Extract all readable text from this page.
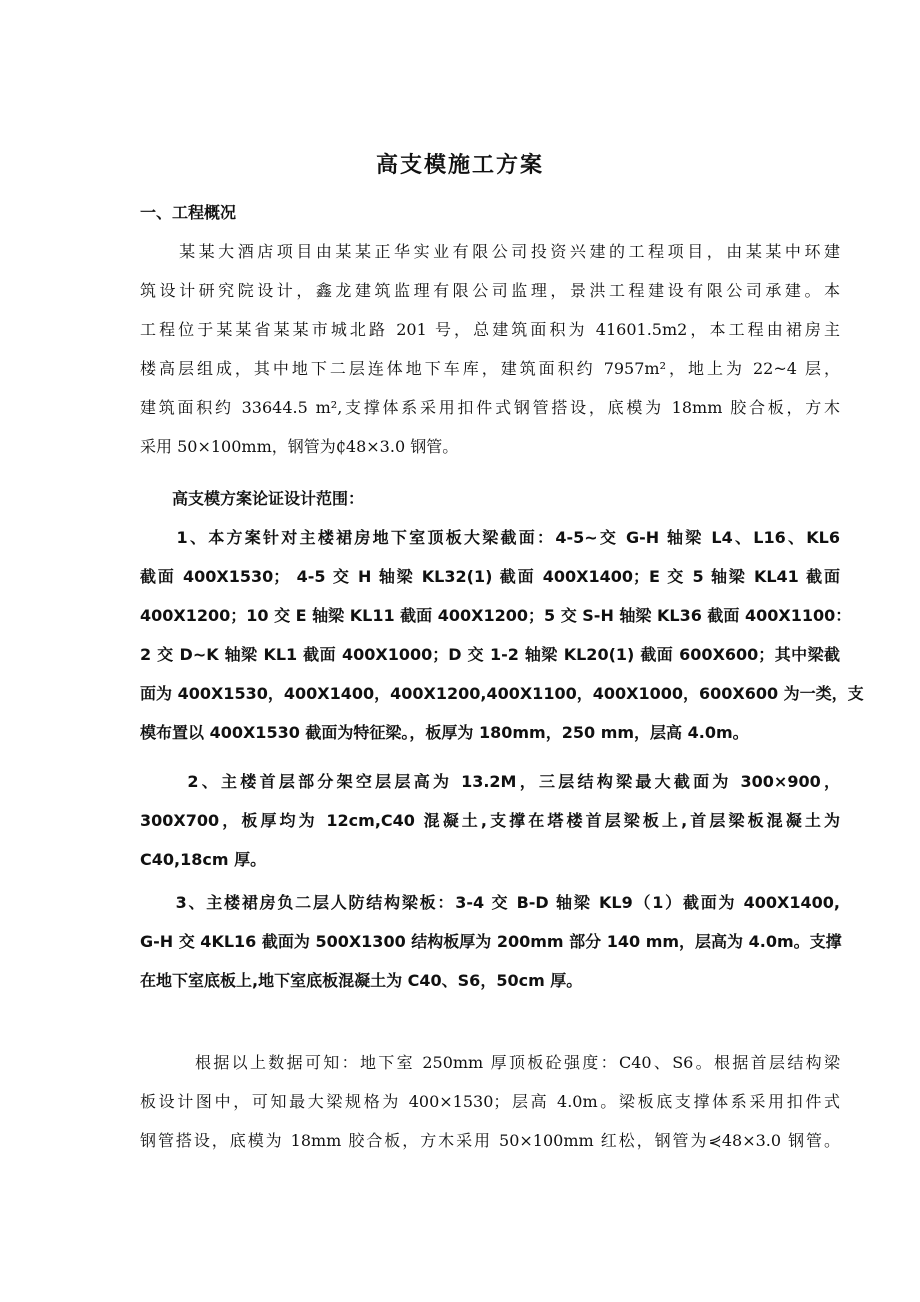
高支模施工方案
一、工程概况
　　某某大酒店项目由某某正华实业有限公司投资兴建的工程项目，由某某中环建
筑设计研究院设计，鑫龙建筑监理有限公司监理，景洪工程建设有限公司承建。本
工程位于某某省某某市城北路 201 号，总建筑面积为 41601.5m2，本工程由裙房主
楼高层组成，其中地下二层连体地下车库，建筑面积约 7957m²，地上为 22~4 层，
建筑面积约 33644.5 m²,支撑体系采用扣件式钢管搭设，底模为 18mm 胶合板，方木
采用 50×100mm，钢管为₵48×3.0 钢管。
　　高支模方案论证设计范围：
　　1、本方案针对主楼裙房地下室顶板大梁截面：4-5~交 G-H 轴梁 L4、L16、KL6
截面 400X1530； 4-5 交 H 轴梁 KL32(1) 截面 400X1400；E 交 5 轴梁 KL41 截面
400X1200；10 交 E 轴梁 KL11 截面 400X1200；5 交 S-H 轴梁 KL36 截面 400X1100：
2 交 D~K 轴梁 KL1 截面 400X1000；D 交 1-2 轴梁 KL20(1) 截面 600X600；其中梁截
面为 400X1530，400X1400，400X1200,400X1100，400X1000，600X600 为一类，支
模布置以 400X1530 截面为特征梁。，板厚为 180mm，250 mm，层高 4.0m。
　　 2、主楼首层部分架空层层高为 13.2M，三层结构梁最大截面为 300×900，
300X700，板厚均为 12cm,C40 混凝土,支撑在塔楼首层梁板上,首层梁板混凝土为
C40,18cm 厚。
　　3、主楼裙房负二层人防结构梁板：3-4 交 B-D 轴梁 KL9（1）截面为 400X1400,
G-H 交 4KL16 截面为 500X1300 结构板厚为 200mm 部分 140 mm，层高为 4.0m。支撑
在地下室底板上,地下室底板混凝土为 C40、S6，50cm 厚。
　　　根据以上数据可知：地下室 250mm 厚顶板砼强度：C40、S6。根据首层结构梁
板设计图中，可知最大梁规格为 400×1530；层高 4.0m。梁板底支撑体系采用扣件式
钢管搭设，底模为 18mm 胶合板，方木采用 50×100mm 红松，钢管为⋞48×3.0 钢管。
